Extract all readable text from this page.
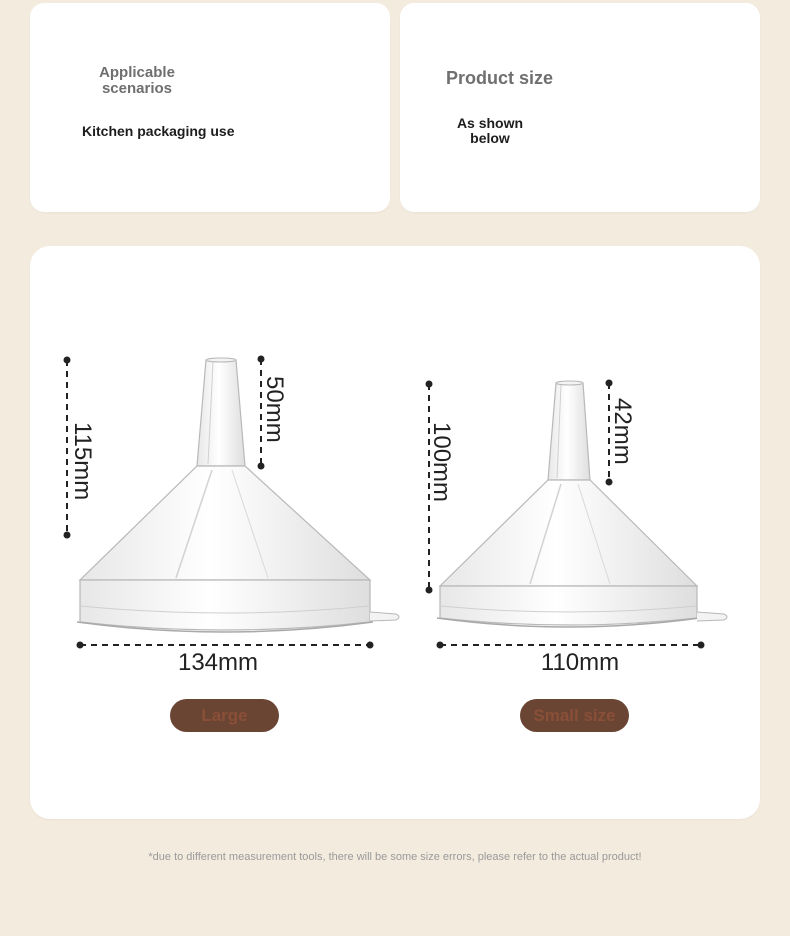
Applicable scenarios
Kitchen packaging use
Product size
As shown below
115mm
50mm
134mm
100mm	42mm
110mm
Large	Small size
*due to different measurement tools, there will be some size errors, please refer to the actual product!
